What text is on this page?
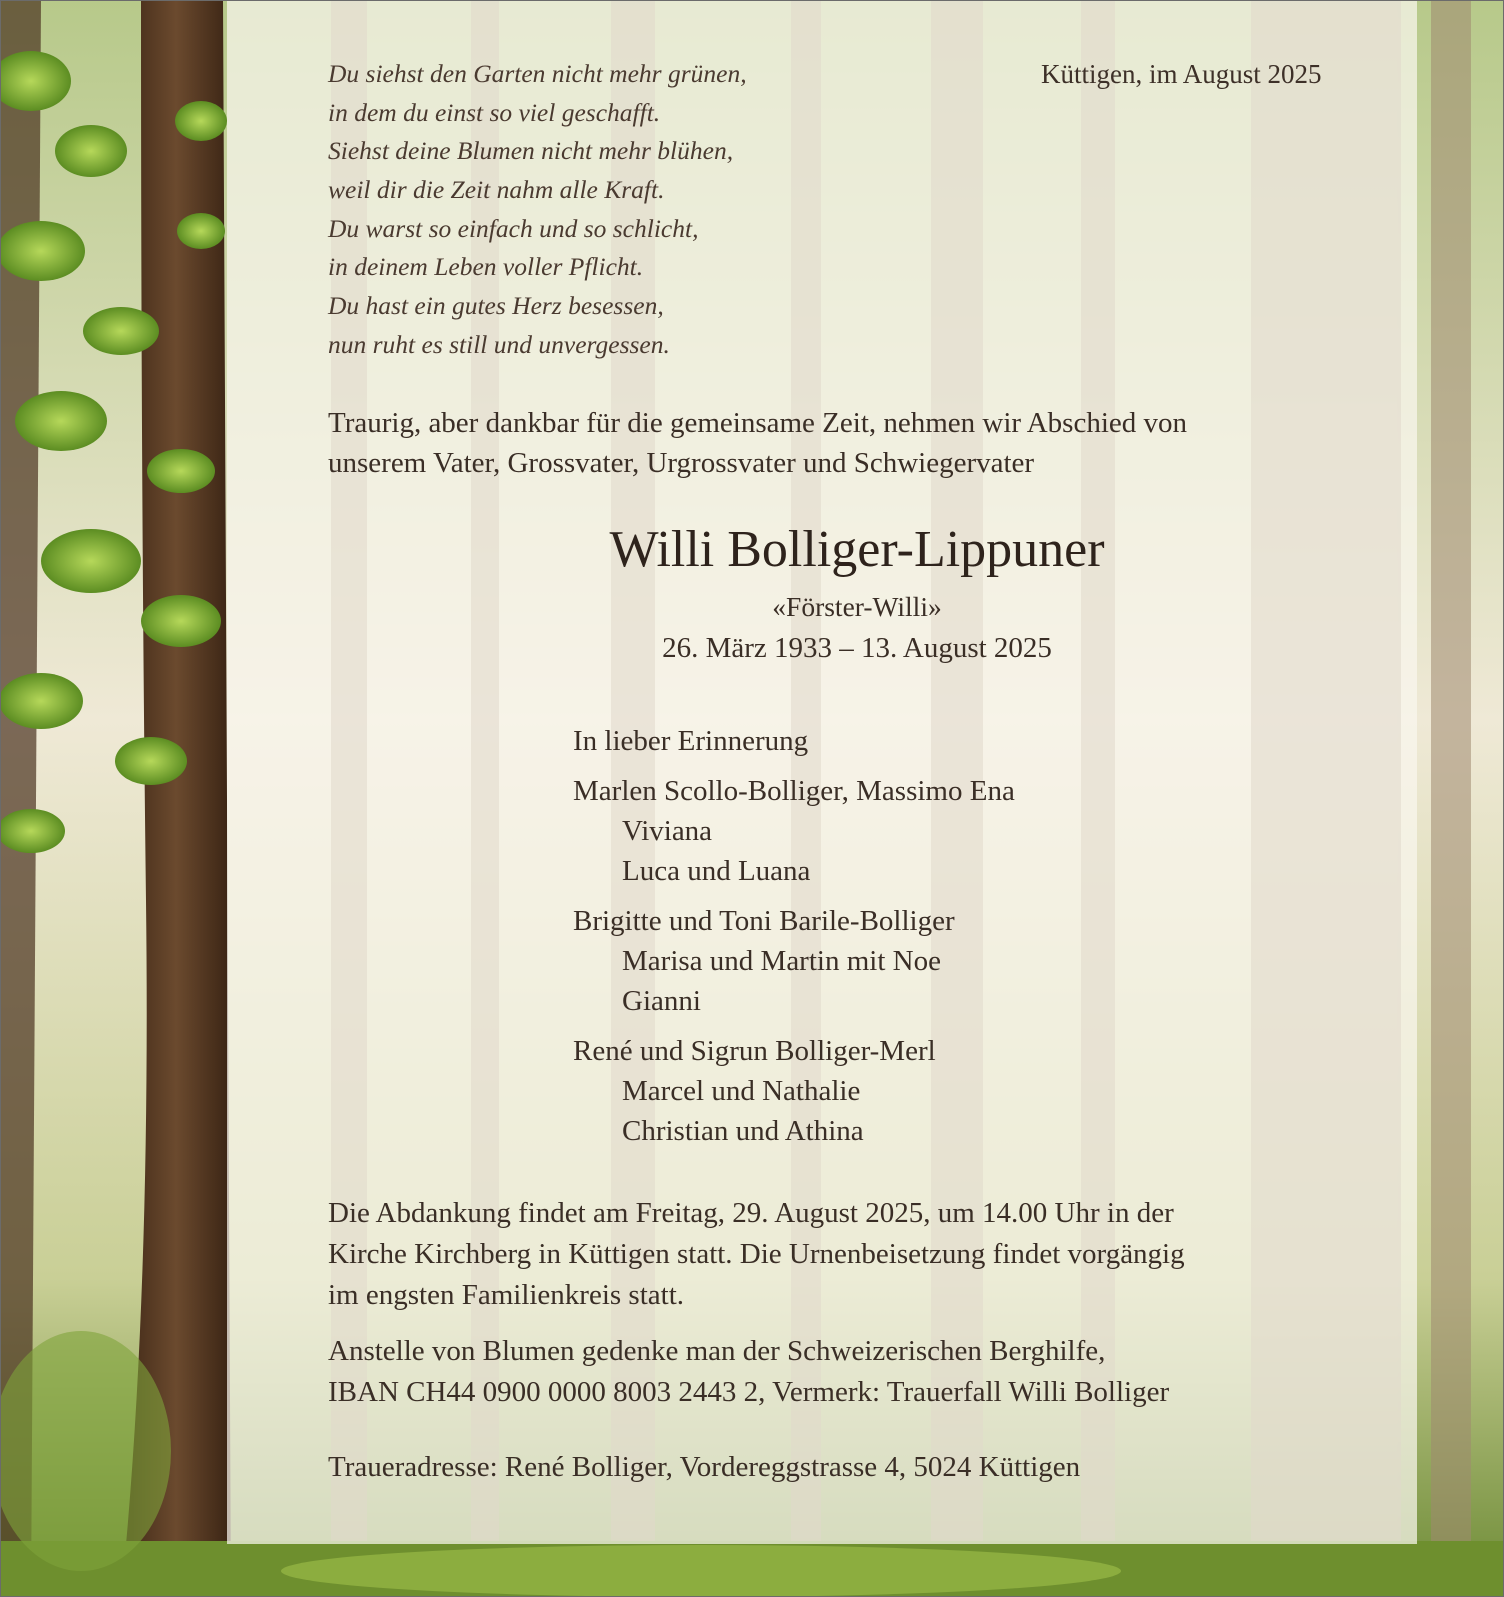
Du siehst den Garten nicht mehr grünen,
in dem du einst so viel geschafft.
Siehst deine Blumen nicht mehr blühen,
weil dir die Zeit nahm alle Kraft.
Du warst so einfach und so schlicht,
in deinem Leben voller Pflicht.
Du hast ein gutes Herz besessen,
nun ruht es still und unvergessen.
Küttigen, im August 2025
Traurig, aber dankbar für die gemeinsame Zeit, nehmen wir Abschied von
unserem Vater, Grossvater, Urgrossvater und Schwiegervater
Willi Bolliger-Lippuner
«Förster-Willi»
26. März 1933 – 13. August 2025
In lieber Erinnerung
Marlen Scollo-Bolliger, Massimo Ena
Viviana
Luca und Luana
Brigitte und Toni Barile-Bolliger
Marisa und Martin mit Noe
Gianni
René und Sigrun Bolliger-Merl
Marcel und Nathalie
Christian und Athina
Die Abdankung findet am Freitag, 29. August 2025, um 14.00 Uhr in der
Kirche Kirchberg in Küttigen statt. Die Urnenbeisetzung findet vorgängig
im engsten Familienkreis statt.
Anstelle von Blumen gedenke man der Schweizerischen Berghilfe,
IBAN CH44 0900 0000 8003 2443 2, Vermerk: Trauerfall Willi Bolliger
Traueradresse: René Bolliger, Vordereggstrasse 4, 5024 Küttigen
